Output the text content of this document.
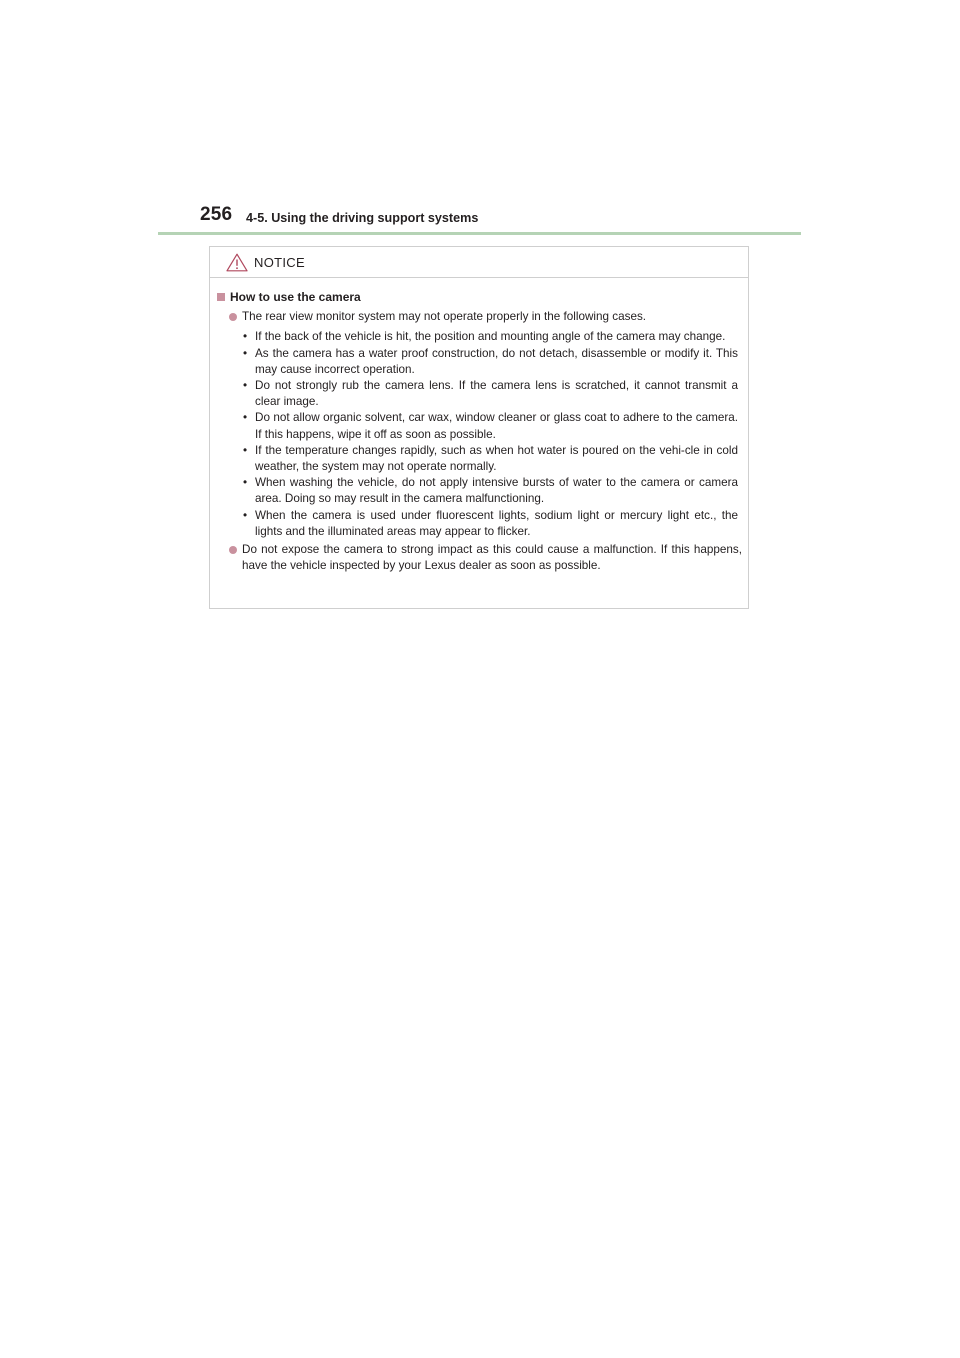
256 4-5. Using the driving support systems
NOTICE
How to use the camera
The rear view monitor system may not operate properly in the following cases.
• If the back of the vehicle is hit, the position and mounting angle of the camera may change.
• As the camera has a water proof construction, do not detach, disassemble or modify it. This may cause incorrect operation.
• Do not strongly rub the camera lens. If the camera lens is scratched, it cannot transmit a clear image.
• Do not allow organic solvent, car wax, window cleaner or glass coat to adhere to the camera. If this happens, wipe it off as soon as possible.
• If the temperature changes rapidly, such as when hot water is poured on the vehi-cle in cold weather, the system may not operate normally.
• When washing the vehicle, do not apply intensive bursts of water to the camera or camera area. Doing so may result in the camera malfunctioning.
• When the camera is used under fluorescent lights, sodium light or mercury light etc., the lights and the illuminated areas may appear to flicker.
Do not expose the camera to strong impact as this could cause a malfunction. If this happens, have the vehicle inspected by your Lexus dealer as soon as possible.
